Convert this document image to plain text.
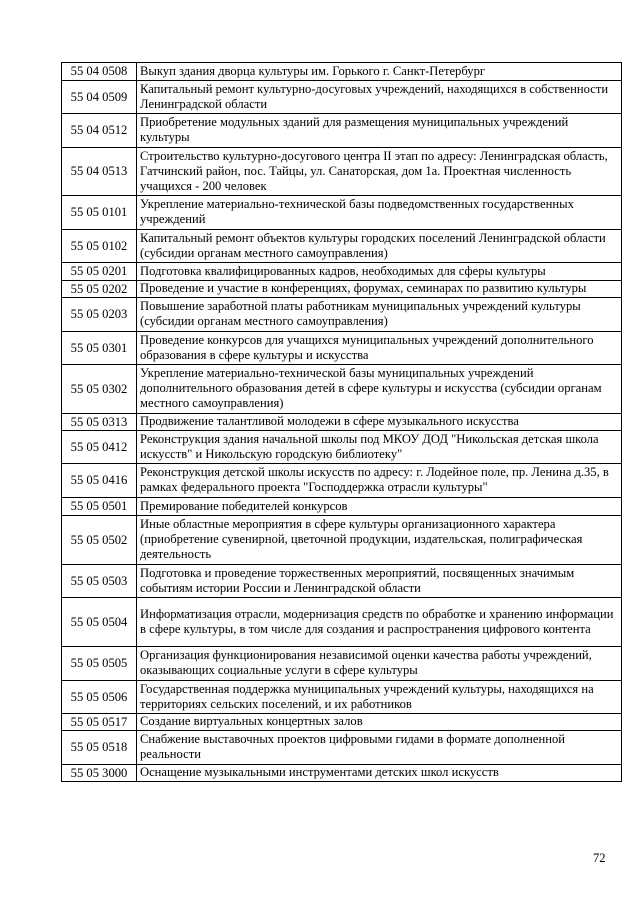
55 04 0508	Выкуп здания дворца культуры им. Горького г. Санкт-Петербург
55 04 0509	Капитальный ремонт культурно-досуговых учреждений, находящихся в собственности Ленинградской области
55 04 0512	Приобретение модульных зданий для размещения муниципальных учреждений культуры
55 04 0513	Строительство культурно-досугового центра II этап по адресу: Ленинградская область, Гатчинский район, пос. Тайцы, ул. Санаторская, дом 1а. Проектная численность учащихся - 200 человек
55 05 0101	Укрепление материально-технической базы подведомственных государственных учреждений
55 05 0102	Капитальный ремонт объектов культуры городских поселений Ленинградской области (субсидии органам местного самоуправления)
55 05 0201	Подготовка квалифицированных кадров, необходимых для сферы культуры
55 05 0202	Проведение и участие в конференциях, форумах, семинарах по развитию культуры
55 05 0203	Повышение заработной платы работникам муниципальных учреждений культуры (субсидии органам местного самоуправления)
55 05 0301	Проведение конкурсов для учащихся муниципальных учреждений дополнительного образования в сфере культуры и искусства
55 05 0302	Укрепление материально-технической базы муниципальных учреждений дополнительного образования детей в сфере культуры и искусства (субсидии органам местного самоуправления)
55 05 0313	Продвижение талантливой молодежи в сфере музыкального искусства
55 05 0412	Реконструкция здания начальной школы под МКОУ ДОД "Никольская детская школа искусств" и Никольскую городскую библиотеку"
55 05 0416	Реконструкция детской школы искусств по адресу: г. Лодейное поле, пр. Ленина д.35, в рамках федерального проекта "Господдержка отрасли культуры"
55 05 0501	Премирование победителей конкурсов
55 05 0502	Иные областные мероприятия в сфере культуры организационного характера (приобретение сувенирной, цветочной продукции, издательская, полиграфическая деятельность
55 05 0503	Подготовка и проведение торжественных мероприятий, посвященных значимым событиям истории России и Ленинградской области
55 05 0504	Информатизация отрасли, модернизация средств по обработке и хранению информации в сфере культуры, в том числе для создания и распространения цифрового контента
55 05 0505	Организация функционирования независимой оценки качества работы учреждений, оказывающих социальные услуги в сфере культуры
55 05 0506	Государственная поддержка муниципальных учреждений культуры, находящихся на территориях сельских поселений, и их работников
55 05 0517	Создание виртуальных концертных залов
55 05 0518	Снабжение выставочных проектов цифровыми гидами в формате дополненной реальности
55 05 3000	Оснащение музыкальными инструментами детских школ искусств
72
